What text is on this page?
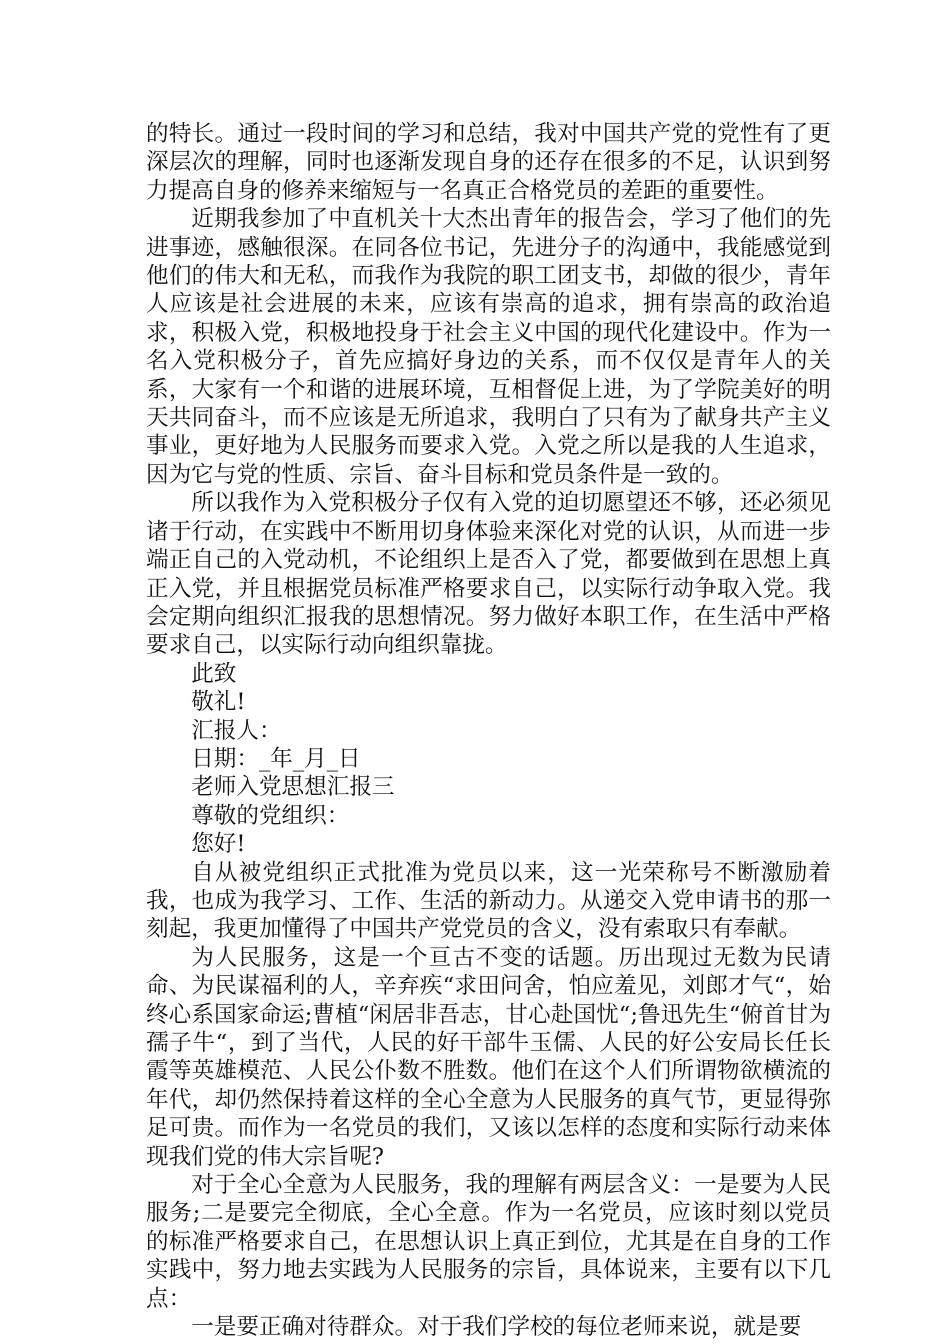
的特长。通过一段时间的学习和总结，我对中国共产党的党性有了更深层次的理解，同时也逐渐发现自身的还存在很多的不足，认识到努力提高自身的修养来缩短与一名真正合格党员的差距的重要性。

近期我参加了中直机关十大杰出青年的报告会，学习了他们的先进事迹，感触很深。在同各位书记，先进分子的沟通中，我能感觉到他们的伟大和无私，而我作为我院的职工团支书，却做的很少，青年人应该是社会进展的未来，应该有崇高的追求，拥有崇高的政治追求，积极入党，积极地投身于社会主义中国的现代化建设中。作为一名入党积极分子，首先应搞好身边的关系，而不仅仅是青年人的关系，大家有一个和谐的进展环境，互相督促上进，为了学院美好的明天共同奋斗，而不应该是无所追求，我明白了只有为了献身共产主义事业，更好地为人民服务而要求入党。入党之所以是我的人生追求，因为它与党的性质、宗旨、奋斗目标和党员条件是一致的。

所以我作为入党积极分子仅有入党的迫切愿望还不够，还必须见诸于行动，在实践中不断用切身体验来深化对党的认识，从而进一步端正自己的入党动机，不论组织上是否入了党，都要做到在思想上真正入党，并且根据党员标准严格要求自己，以实际行动争取入党。我会定期向组织汇报我的思想情况。努力做好本职工作，在生活中严格要求自己，以实际行动向组织靠拢。

此致

敬礼!

汇报人：

日期：_年_月_日

老师入党思想汇报三

尊敬的党组织：

您好!

自从被党组织正式批准为党员以来，这一光荣称号不断激励着我，也成为我学习、工作、生活的新动力。从递交入党申请书的那一刻起，我更加懂得了中国共产党党员的含义，没有索取只有奉献。

为人民服务，这是一个亘古不变的话题。历出现过无数为民请命、为民谋福利的人，辛弃疾“求田问舍，怕应羞见，刘郎才气“，始终心系国家命运;曹植“闲居非吾志，甘心赴国忧“;鲁迅先生“俯首甘为孺子牛“，到了当代，人民的好干部牛玉儒、人民的好公安局长任长霞等英雄模范、人民公仆数不胜数。他们在这个人们所谓物欲横流的年代，却仍然保持着这样的全心全意为人民服务的真气节，更显得弥足可贵。而作为一名党员的我们，又该以怎样的态度和实际行动来体现我们党的伟大宗旨呢?

对于全心全意为人民服务，我的理解有两层含义：一是要为人民服务;二是要完全彻底，全心全意。作为一名党员，应该时刻以党员的标准严格要求自己，在思想认识上真正到位，尤其是在自身的工作实践中，努力地去实践为人民服务的宗旨，具体说来，主要有以下几点：

一是要正确对待群众。对于我们学校的每位老师来说，就是要
